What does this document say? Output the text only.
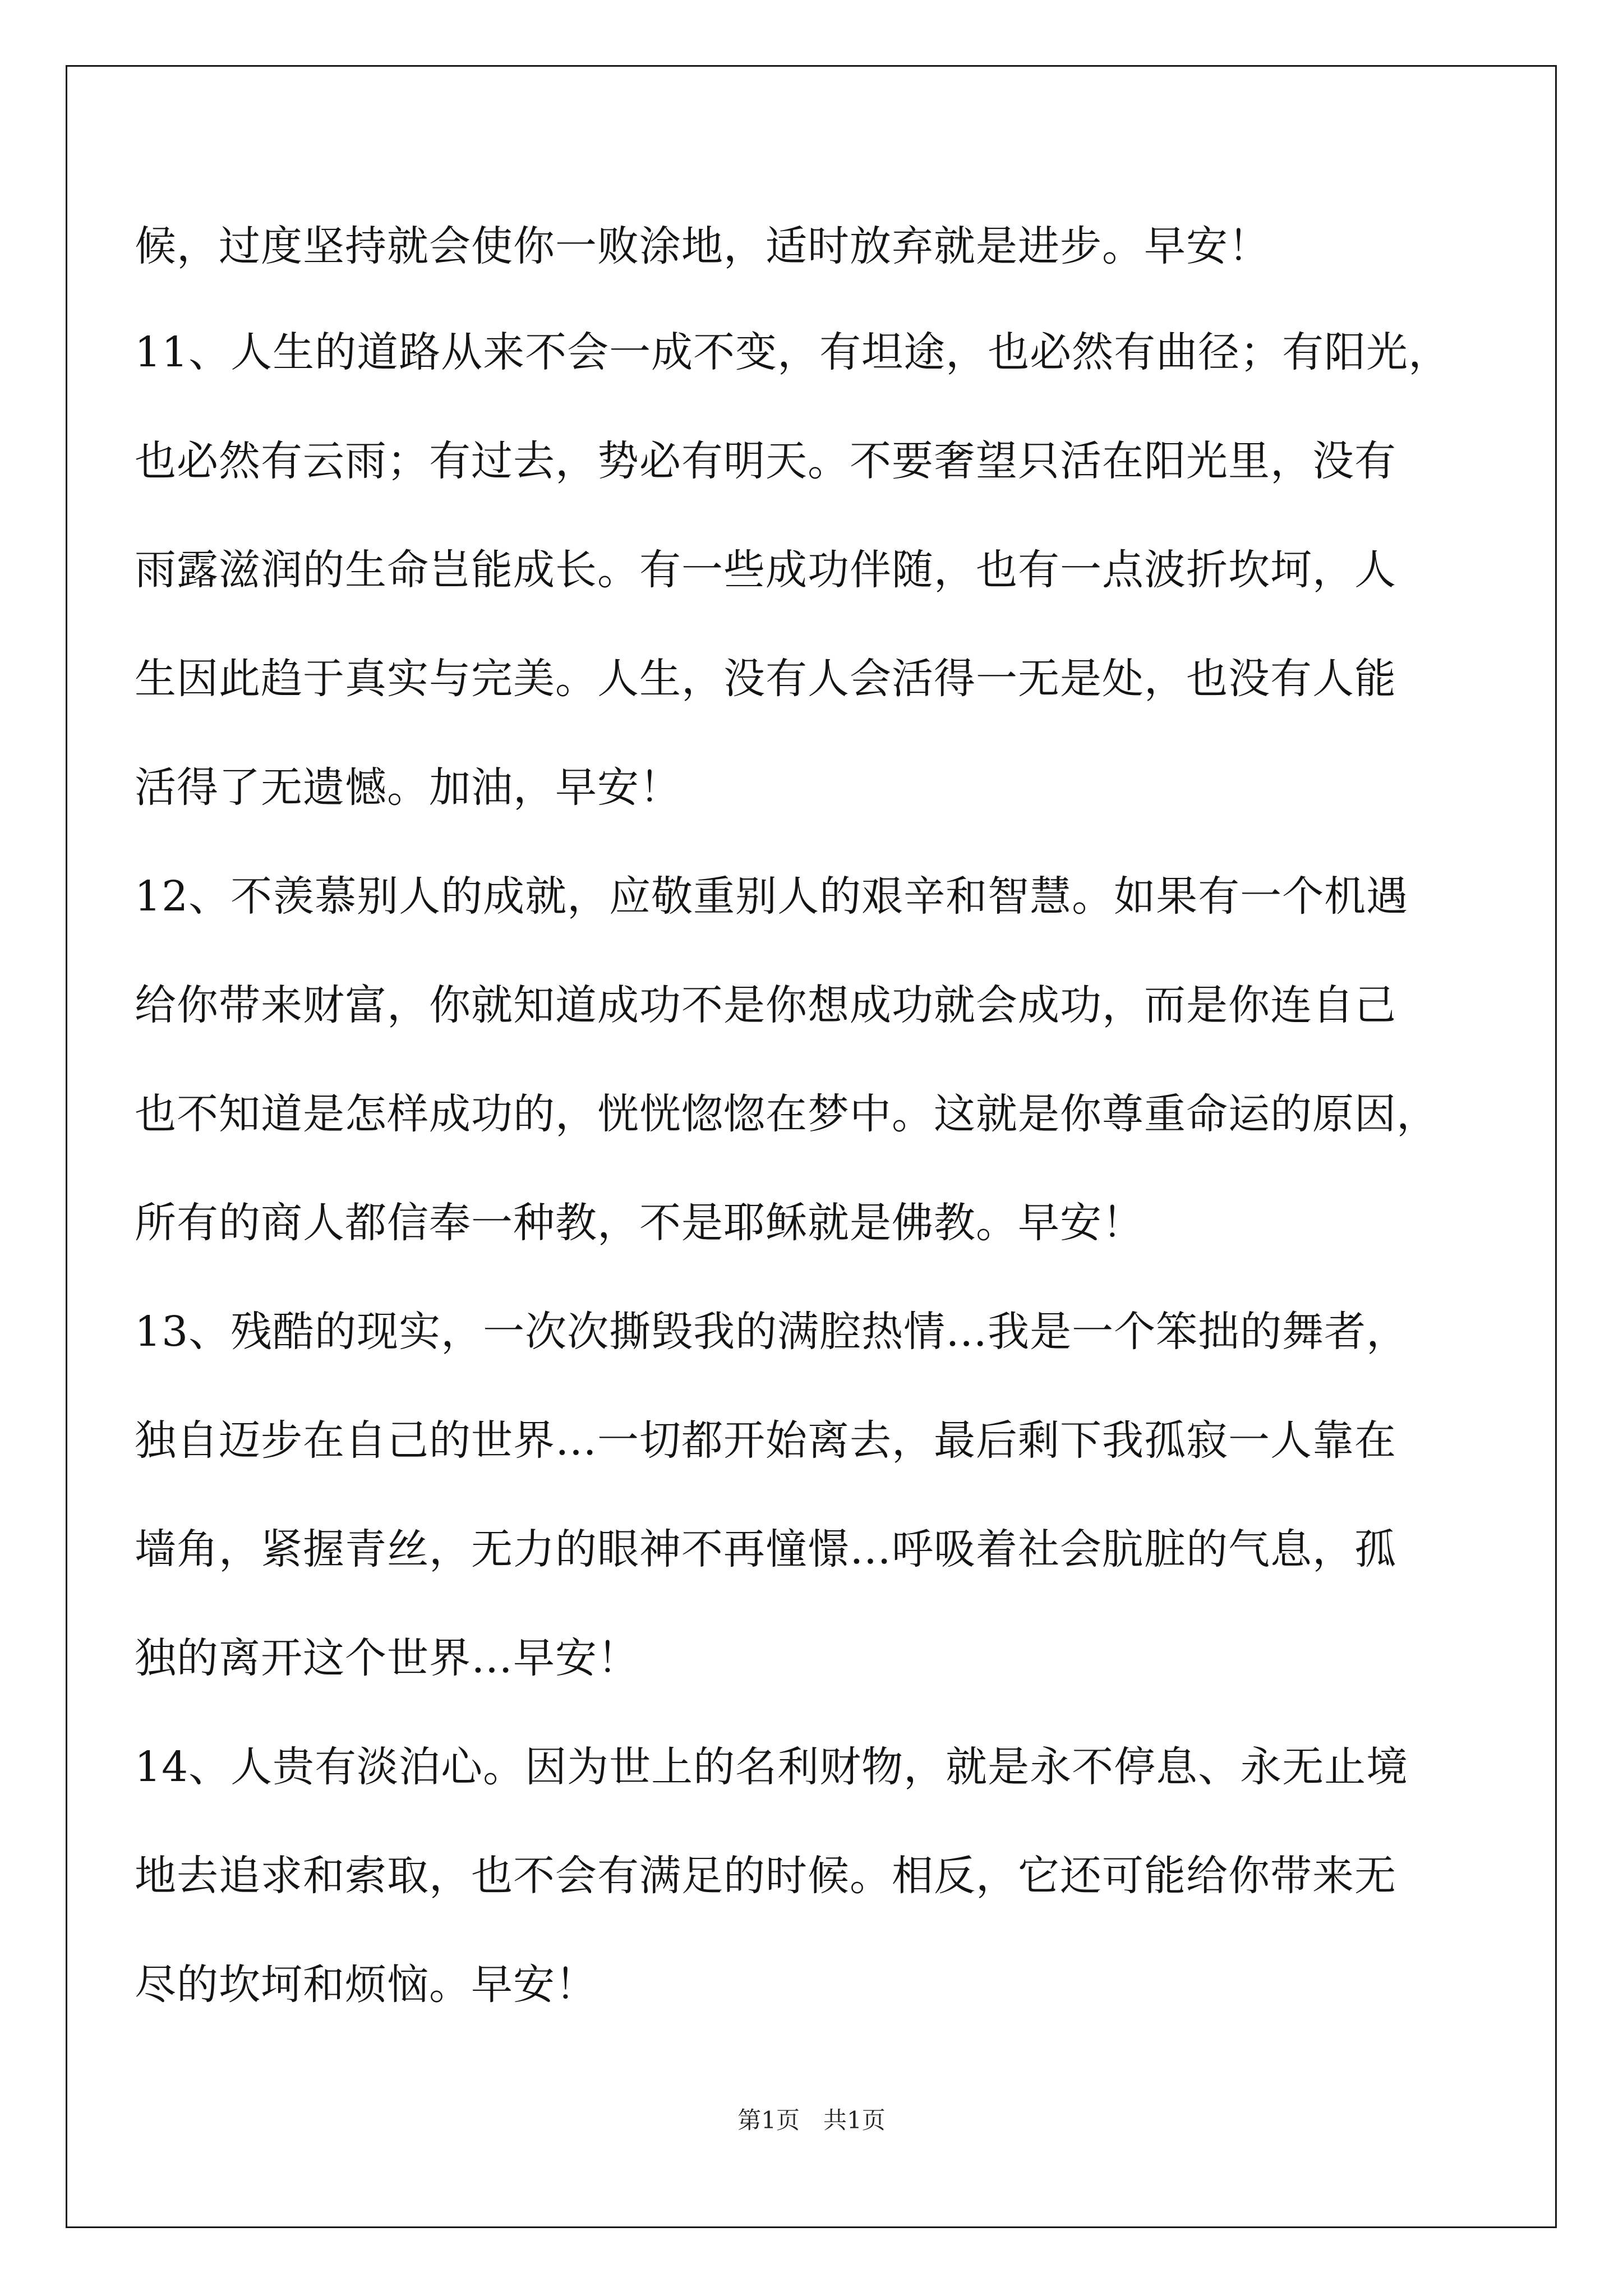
候，过度坚持就会使你一败涂地，适时放弃就是进步。早安！
11、人生的道路从来不会一成不变，有坦途，也必然有曲径；有阳光，
也必然有云雨；有过去，势必有明天。不要奢望只活在阳光里，没有
雨露滋润的生命岂能成长。有一些成功伴随，也有一点波折坎坷，人
生因此趋于真实与完美。人生，没有人会活得一无是处，也没有人能
活得了无遗憾。加油，早安！
12、不羡慕别人的成就，应敬重别人的艰辛和智慧。如果有一个机遇
给你带来财富，你就知道成功不是你想成功就会成功，而是你连自己
也不知道是怎样成功的，恍恍惚惚在梦中。这就是你尊重命运的原因，
所有的商人都信奉一种教，不是耶稣就是佛教。早安！
13、残酷的现实，一次次撕毁我的满腔热情…我是一个笨拙的舞者，
独自迈步在自己的世界…一切都开始离去，最后剩下我孤寂一人靠在
墙角，紧握青丝，无力的眼神不再憧憬…呼吸着社会肮脏的气息，孤
独的离开这个世界…早安！
14、人贵有淡泊心。因为世上的名利财物，就是永不停息、永无止境
地去追求和索取，也不会有满足的时候。相反，它还可能给你带来无
尽的坎坷和烦恼。早安！
第1页　共1页
